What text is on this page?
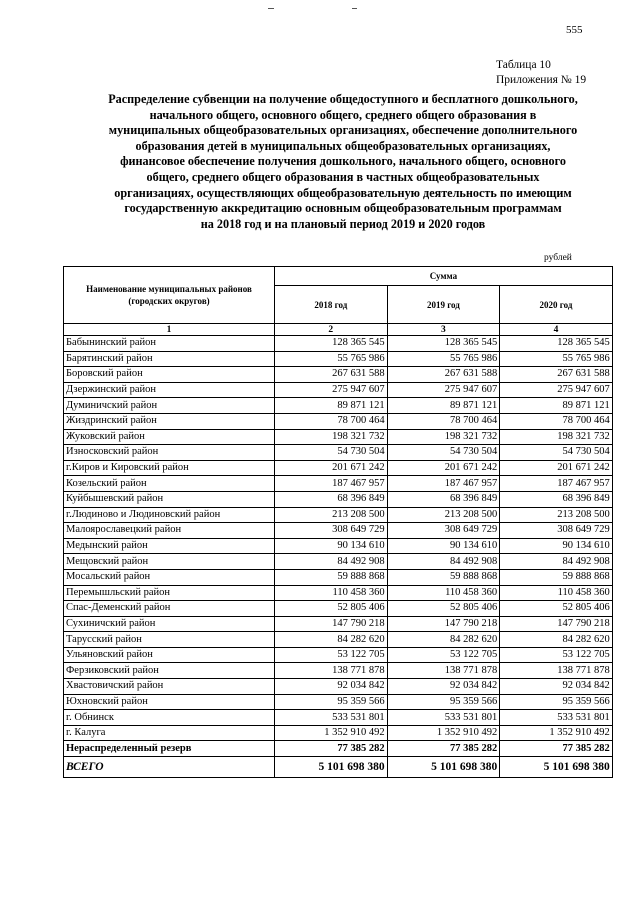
555
Таблица 10
Приложения № 19
Распределение субвенции на получение общедоступного и бесплатного дошкольного,
начального общего, основного общего, среднего общего образования в
муниципальных общеобразовательных организациях, обеспечение дополнительного
образования детей в муниципальных общеобразовательных организациях,
финансовое обеспечение получения дошкольного, начального общего, основного
общего, среднего общего образования в частных общеобразовательных
организациях, осуществляющих общеобразовательную деятельность по имеющим
государственную аккредитацию основным общеобразовательным программам
на 2018 год и на плановый период 2019 и 2020 годов
рублей
Наименование муниципальных районов (городских округов)	Сумма		
	2018 год	2019 год	2020 год
1	2	3	4
Бабынинский район	128 365 545	128 365 545	128 365 545
Барятинский район	55 765 986	55 765 986	55 765 986
Боровский район	267 631 588	267 631 588	267 631 588
Дзержинский район	275 947 607	275 947 607	275 947 607
Думиничский район	89 871 121	89 871 121	89 871 121
Жиздринский район	78 700 464	78 700 464	78 700 464
Жуковский район	198 321 732	198 321 732	198 321 732
Износковский район	54 730 504	54 730 504	54 730 504
г.Киров и Кировский район	201 671 242	201 671 242	201 671 242
Козельский район	187 467 957	187 467 957	187 467 957
Куйбышевский район	68 396 849	68 396 849	68 396 849
г.Людиново и Людиновский район	213 208 500	213 208 500	213 208 500
Малоярославецкий район	308 649 729	308 649 729	308 649 729
Медынский район	90 134 610	90 134 610	90 134 610
Мещовский район	84 492 908	84 492 908	84 492 908
Мосальский район	59 888 868	59 888 868	59 888 868
Перемышльский район	110 458 360	110 458 360	110 458 360
Спас-Деменский район	52 805 406	52 805 406	52 805 406
Сухиничский район	147 790 218	147 790 218	147 790 218
Тарусский район	84 282 620	84 282 620	84 282 620
Ульяновский район	53 122 705	53 122 705	53 122 705
Ферзиковский район	138 771 878	138 771 878	138 771 878
Хвастовичский район	92 034 842	92 034 842	92 034 842
Юхновский район	95 359 566	95 359 566	95 359 566
г. Обнинск	533 531 801	533 531 801	533 531 801
г. Калуга	1 352 910 492	1 352 910 492	1 352 910 492
Нераспределенный резерв	77 385 282	77 385 282	77 385 282
ВСЕГО	5 101 698 380	5 101 698 380	5 101 698 380
